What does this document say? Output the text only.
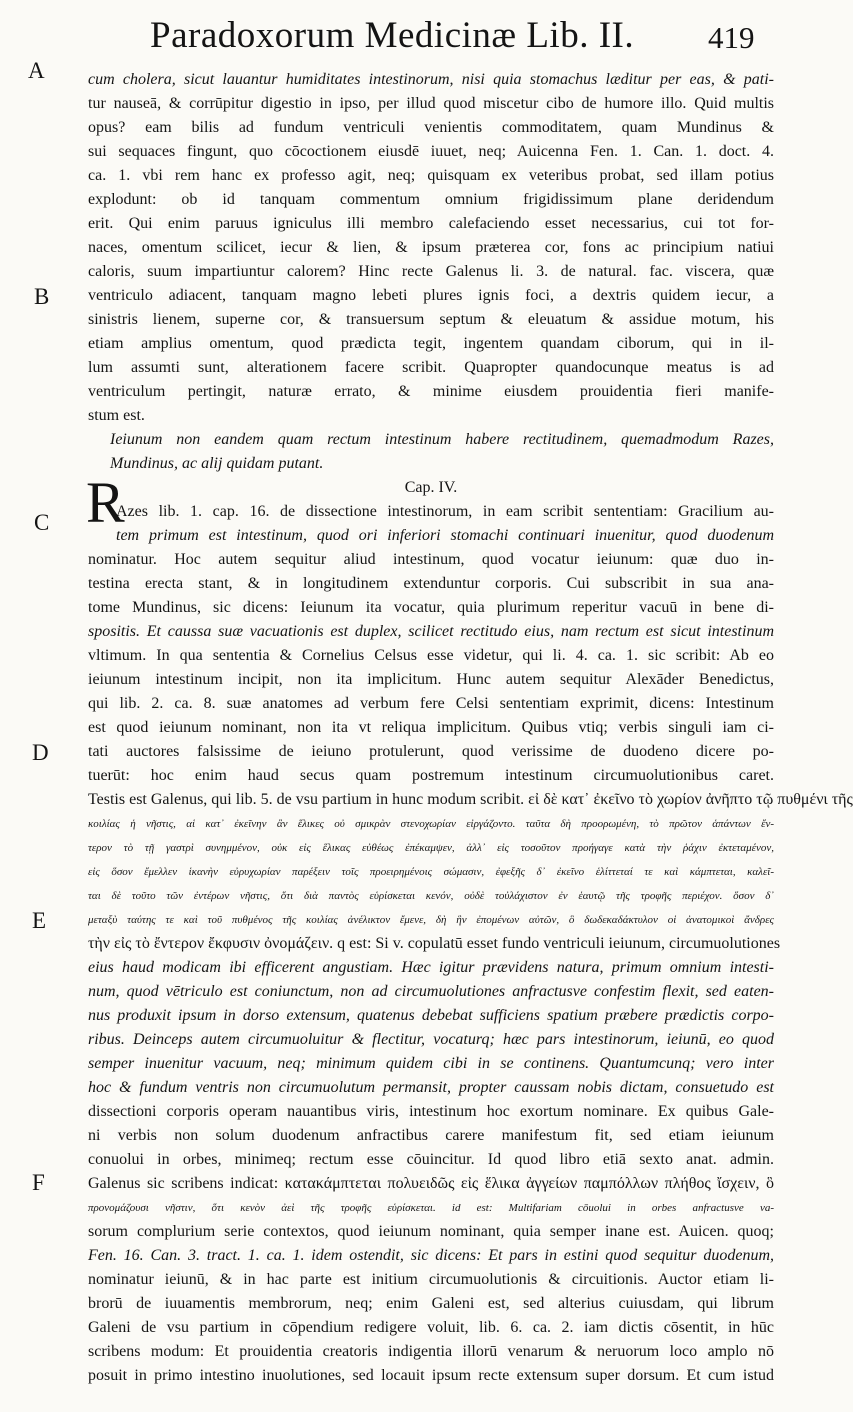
Paradoxorum Medicinæ Lib. II. 419
A
B
C
D
E
F
R
cum cholera, sicut lauantur humiditates intestinorum, nisi quia stomachus læditur per eas, & pati-
tur nauseā, & corrūpitur digestio in ipso, per illud quod miscetur cibo de humore illo. Quid multis
opus? eam bilis ad fundum ventriculi venientis commoditatem, quam Mundinus &
sui sequaces fingunt, quo cōcoctionem eiusdē iuuet, neq; Auicenna Fen. 1. Can. 1. doct. 4.
ca. 1. vbi rem hanc ex professo agit, neq; quisquam ex veteribus probat, sed illam potius
explodunt: ob id tanquam commentum omnium frigidissimum plane deridendum
erit. Qui enim paruus igniculus illi membro calefaciendo esset necessarius, cui tot for-
naces, omentum scilicet, iecur & lien, & ipsum præterea cor, fons ac principium natiui
caloris, suum impartiuntur calorem? Hinc recte Galenus li. 3. de natural. fac. viscera, quæ
ventriculo adiacent, tanquam magno lebeti plures ignis foci, a dextris quidem iecur, a
sinistris lienem, superne cor, & transuersum septum & eleuatum & assidue motum, his
etiam amplius omentum, quod prædicta tegit, ingentem quandam ciborum, qui in il-
lum assumti sunt, alterationem facere scribit. Quapropter quandocunque meatus is ad
ventriculum pertingit, naturæ errato, & minime eiusdem prouidentia fieri manife-
stum est.
Ieiunum non eandem quam rectum intestinum habere rectitudinem, quemadmodum Razes,
Mundinus, ac alij quidam putant.
Cap. IV.
Azes lib. 1. cap. 16. de dissectione intestinorum, in eam scribit sententiam: Gracilium au-
tem primum est intestinum, quod ori inferiori stomachi continuari inuenitur, quod duodenum
nominatur. Hoc autem sequitur aliud intestinum, quod vocatur ieiunum: quæ duo in-
testina erecta stant, & in longitudinem extenduntur corporis. Cui subscribit in sua ana-
tome Mundinus, sic dicens: Ieiunum ita vocatur, quia plurimum reperitur vacuū in bene di-
spositis. Et caussa suæ vacuationis est duplex, scilicet rectitudo eius, nam rectum est sicut intestinum
vltimum. In qua sententia & Cornelius Celsus esse videtur, qui li. 4. ca. 1. sic scribit: Ab eo
ieiunum intestinum incipit, non ita implicitum. Hunc autem sequitur Alexāder Benedictus,
qui lib. 2. ca. 8. suæ anatomes ad verbum fere Celsi sententiam exprimit, dicens: Intestinum
est quod ieiunum nominant, non ita vt reliqua implicitum. Quibus vtiq; verbis singuli iam ci-
tati auctores falsissime de ieiuno protulerunt, quod verissime de duodeno dicere po-
tuerūt: hoc enim haud secus quam postremum intestinum circumuolutionibus caret.
Testis est Galenus, qui lib. 5. de vsu partium in hunc modum scribit. εἰ δὲ κατ᾿ ἐκεῖνο τὸ χωρίον ἀνῆπτο τῷ πυθμένι τῆς
κοιλίας ἡ νῆστις, αἱ κατ᾿ ἐκεῖνην ἂν ἕλικες οὐ σμικρὰν στενοχωρίαν εἰργάζοντο. ταῦτα δὴ προορωμένη, τὸ πρῶτον ἁπάντων ἔν-
τερον τὸ τῇ γαστρὶ συνημμένον, οὐκ εἰς ἕλικας εὐθέως ἐπέκαμψεν, ἀλλ᾿ εἰς τοσοῦτον προήγαγε κατὰ τὴν ῥάχιν ἐκτεταμένον,
εἰς ὅσον ἔμελλεν ἱκανὴν εὐρυχωρίαν παρέξειν τοῖς προειρημένοις σώμασιν, ἐφεξῆς δ᾿ ἐκεῖνο ἑλίττεταί τε καὶ κάμπτεται, καλεῖ-
ται δὲ τοῦτο τῶν ἐντέρων νῆστις, ὅτι διὰ παντὸς εὑρίσκεται κενόν, οὐδὲ τοὐλάχιστον ἐν ἑαυτῷ τῆς τροφῆς περιέχον. ὅσον δ᾿
μεταξὺ ταύτης τε καὶ τοῦ πυθμένος τῆς κοιλίας ἀνέλικτον ἔμενε, δὴ ἣν ἐπομένων αὐτῶν, ὃ δωδεκαδάκτυλον οἱ ἀνατομικοὶ ἄνδρες
τὴν εἰς τὸ ἔντερον ἔκφυσιν ὀνομάζειν. q est: Si v. copulatū esset fundo ventriculi ieiunum, circumuolutiones
eius haud modicam ibi efficerent angustiam. Hæc igitur prævidens natura, primum omnium intesti-
num, quod vētriculo est coniunctum, non ad circumuolutiones anfractusve confestim flexit, sed eaten-
nus produxit ipsum in dorso extensum, quatenus debebat sufficiens spatium præbere prædictis corpo-
ribus. Deinceps autem circumuoluitur & flectitur, vocaturq; hæc pars intestinorum, ieiunū, eo quod
semper inuenitur vacuum, neq; minimum quidem cibi in se continens. Quantumcunq; vero inter
hoc & fundum ventris non circumuolutum permansit, propter caussam nobis dictam, consuetudo est
dissectioni corporis operam nauantibus viris, intestinum hoc exortum nominare. Ex quibus Gale-
ni verbis non solum duodenum anfractibus carere manifestum fit, sed etiam ieiunum
conuolui in orbes, minimeq; rectum esse cōuincitur. Id quod libro etiā sexto anat. admin.
Galenus sic scribens indicat: κατακάμπτεται πολυειδῶς εἰς ἕλικα ἀγγείων παμπόλλων πλήθος ἴσχειν, ὃ
προνομάζουσι νῆστιν, ὅτι κενὸν ἀεὶ τῆς τροφῆς εὑρίσκεται. id est: Multifariam cōuolui in orbes anfractusve va-
sorum complurium serie contextos, quod ieiunum nominant, quia semper inane est. Auicen. quoq;
Fen. 16. Can. 3. tract. 1. ca. 1. idem ostendit, sic dicens: Et pars in estini quod sequitur duodenum,
nominatur ieiunū, & in hac parte est initium circumuolutionis & circuitionis. Auctor etiam li-
brorū de iuuamentis membrorum, neq; enim Galeni est, sed alterius cuiusdam, qui librum
Galeni de vsu partium in cōpendium redigere voluit, lib. 6. ca. 2. iam dictis cōsentit, in hūc
scribens modum: Et prouidentia creatoris indigentia illorū venarum & neruorum loco amplo nō
posuit in primo intestino inuolutiones, sed locauit ipsum recte extensum super dorsum. Et cum istud
